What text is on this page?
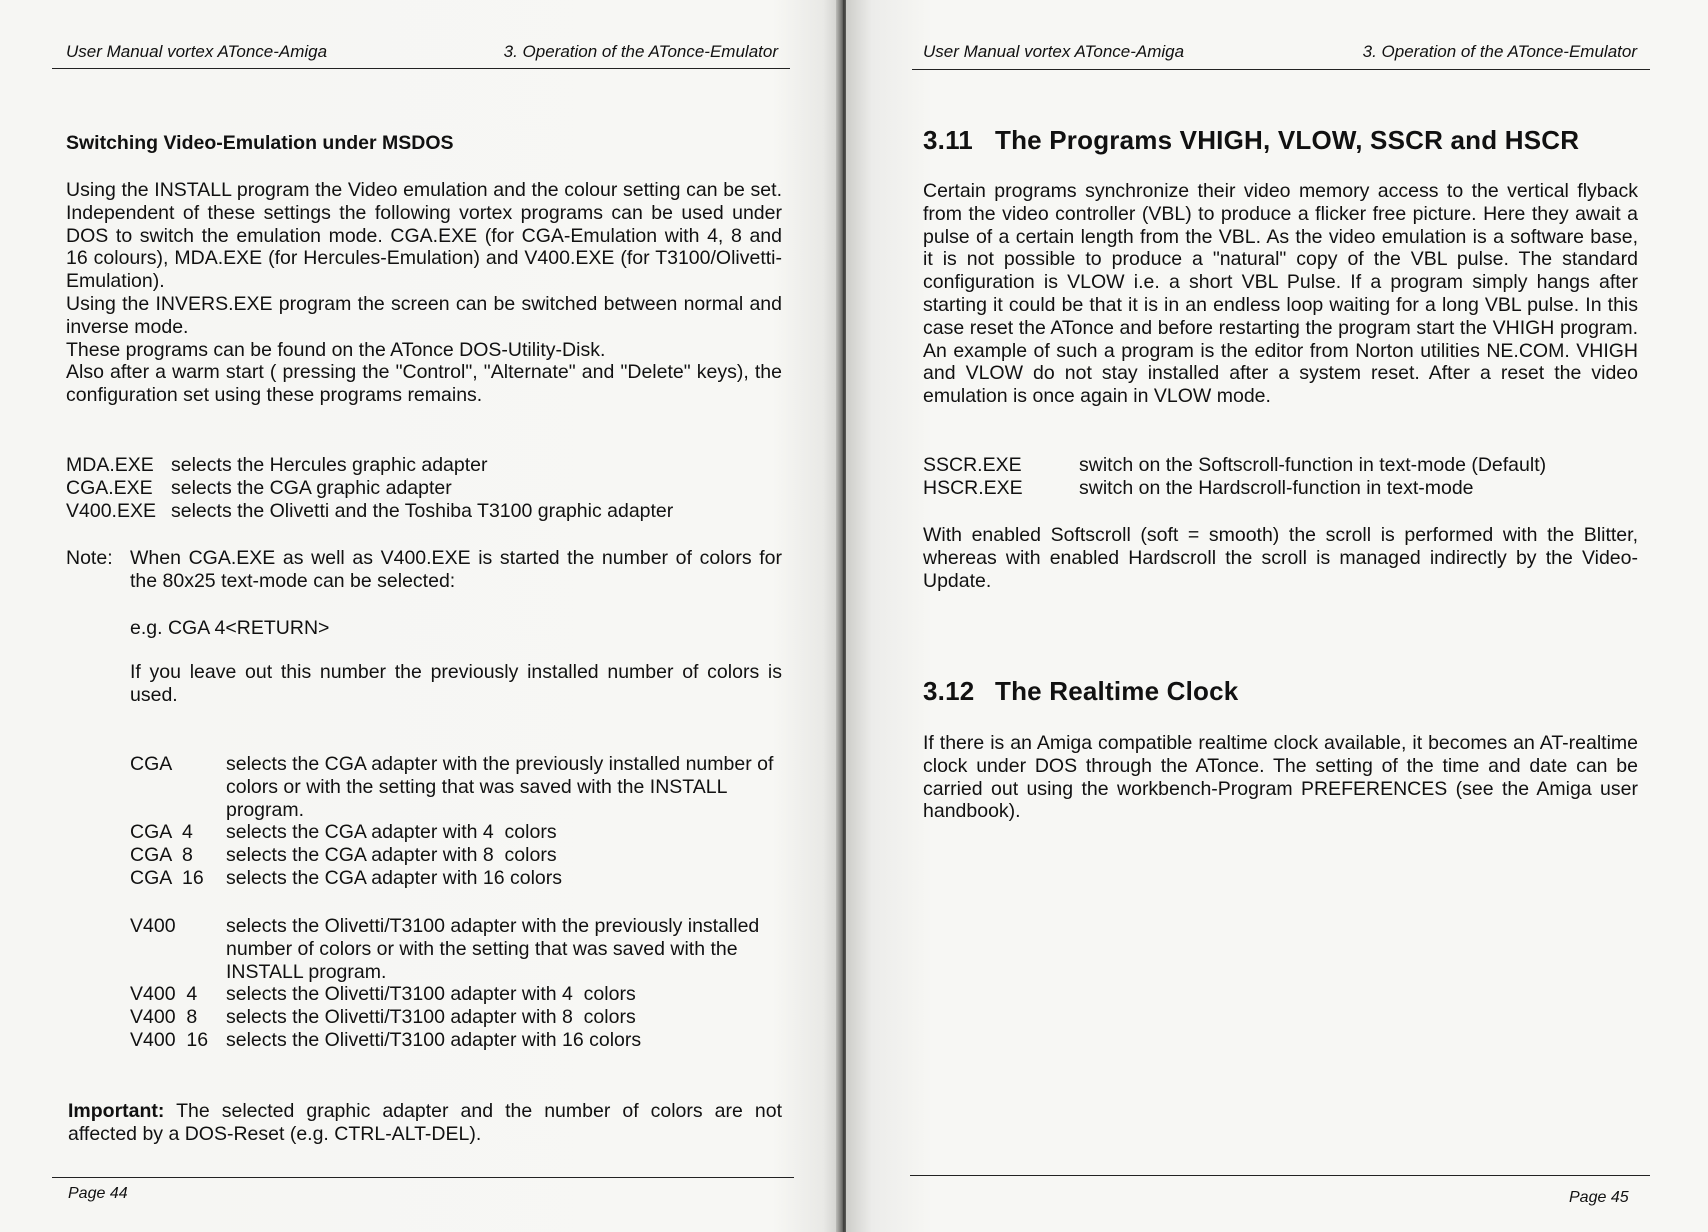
User Manual vortex ATonce-Amiga	3. Operation of the ATonce-Emulator
Switching Video-Emulation under MSDOS

Using the INSTALL program the Video emulation and the colour setting can be set. Independent of these settings the following vortex programs can be used under DOS to switch the emulation mode. CGA.EXE (for CGA-Emulation with 4, 8 and 16 colours), MDA.EXE (for Hercules-Emulation) and V400.EXE (for T3100/Olivetti-Emulation).

Using the INVERS.EXE program the screen can be switched between normal and inverse mode.

These programs can be found on the ATonce DOS-Utility-Disk.

Also after a warm start ( pressing the "Control", "Alternate" and "Delete" keys), the configuration set using these programs remains.

MDA.EXE selects the Hercules graphic adapter
CGA.EXE selects the CGA graphic adapter
V400.EXE selects the Olivetti and the Toshiba T3100 graphic adapter
Note: When CGA.EXE as well as V400.EXE is started the number of colors for the 80x25 text-mode can be selected:
e.g. CGA 4<RETURN>

If you leave out this number the previously installed number of colors is used.

CGA	selects the CGA adapter with the previously installed number of colors or with the setting that was saved with the INSTALL program.
CGA  4	selects the CGA adapter with 4  colors
CGA  8	selects the CGA adapter with 8  colors
CGA  16	selects the CGA adapter with 16 colors
V400	selects the Olivetti/T3100 adapter with the previously installed number of colors or with the setting that was saved with the INSTALL program.
V400  4	selects the Olivetti/T3100 adapter with 4  colors
V400  8	selects the Olivetti/T3100 adapter with 8  colors
V400  16 selects the Olivetti/T3100 adapter with 16 colors

Important: The selected graphic adapter and the number of colors are not affected by a DOS-Reset (e.g. CTRL-ALT-DEL).

Page 44
User Manual vortex ATonce-Amiga	3. Operation of the ATonce-Emulator
3.11 The Programs VHIGH, VLOW, SSCR and HSCR

Certain programs synchronize their video memory access to the vertical flyback from the video controller (VBL) to produce a flicker free picture. Here they await a pulse of a certain length from the VBL. As the video emulation is a software base, it is not possible to produce a "natural" copy of the VBL pulse. The standard configuration is VLOW i.e. a short VBL Pulse. If a program simply hangs after starting it could be that it is in an endless loop waiting for a long VBL pulse. In this case reset the ATonce and before restarting the program start the VHIGH program. An example of such a program is the editor from Norton utilities NE.COM. VHIGH and VLOW do not stay installed after a system reset. After a reset the video emulation is once again in VLOW mode.

SSCR.EXE	switch on the Softscroll-function in text-mode (Default)
HSCR.EXE	switch on the Hardscroll-function in text-mode

With enabled Softscroll (soft = smooth) the scroll is performed with the Blitter, whereas with enabled Hardscroll the scroll is managed indirectly by the Video-Update.

3.12 The Realtime Clock

If there is an Amiga compatible realtime clock available, it becomes an AT-realtime clock under DOS through the ATonce. The setting of the time and date can be carried out using the workbench-Program PREFERENCES (see the Amiga user handbook).

Page 45
